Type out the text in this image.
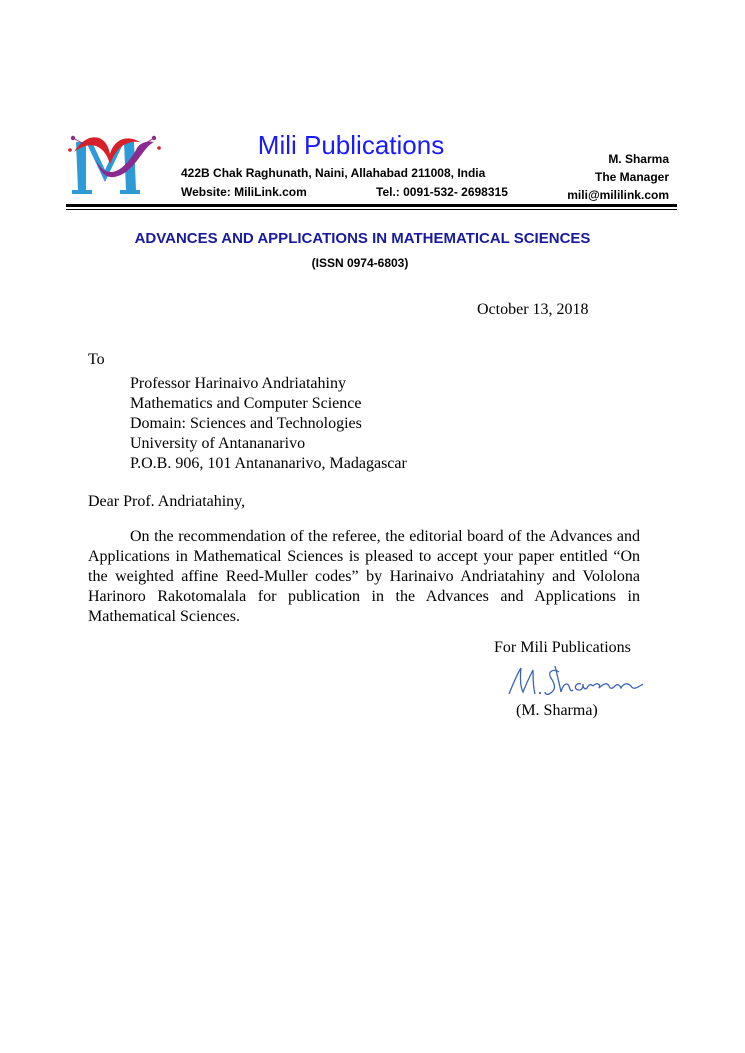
Mili Publications
422B Chak Raghunath, Naini, Allahabad 211008, India
Website: MiliLink.com	Tel.: 0091-532- 2698315
M. Sharma
The Manager
mili@mililink.com
ADVANCES AND APPLICATIONS IN MATHEMATICAL SCIENCES
(ISSN 0974-6803)
October 13, 2018
To
Professor Harinaivo Andriatahiny
Mathematics and Computer Science
Domain: Sciences and Technologies
University of Antananarivo
P.O.B. 906, 101 Antananarivo, Madagascar
Dear Prof. Andriatahiny,
On the recommendation of the referee, the editorial board of the Advances and Applications in Mathematical Sciences is pleased to accept your paper entitled “On the weighted affine Reed-Muller codes” by Harinaivo Andriatahiny and Vololona Harinoro Rakotomalala for publication in the Advances and Applications in Mathematical Sciences.
For Mili Publications
(M. Sharma)
